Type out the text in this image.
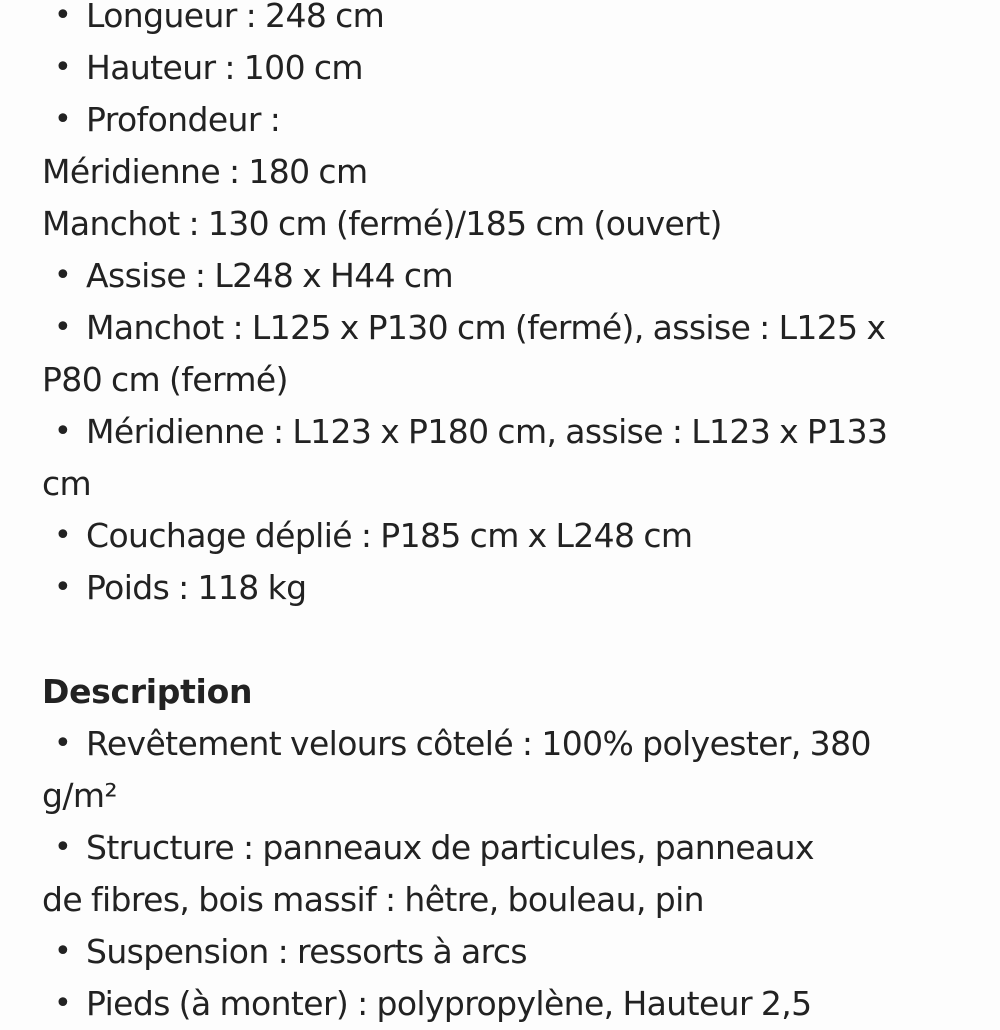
• Longueur : 248 cm
• Hauteur : 100 cm
• Profondeur :
Méridienne : 180 cm
Manchot : 130 cm (fermé)/185 cm (ouvert)
• Assise : L248 x H44 cm
• Manchot : L125 x P130 cm (fermé), assise : L125 x
P80 cm (fermé)
• Méridienne : L123 x P180 cm, assise : L123 x P133
cm
• Couchage déplié : P185 cm x L248 cm
• Poids : 118 kg
Description
• Revêtement velours côtelé : 100% polyester, 380
g/m²
• Structure : panneaux de particules, panneaux
de fibres, bois massif : hêtre, bouleau, pin
• Suspension : ressorts à arcs
• Pieds (à monter) : polypropylène, Hauteur 2,5
